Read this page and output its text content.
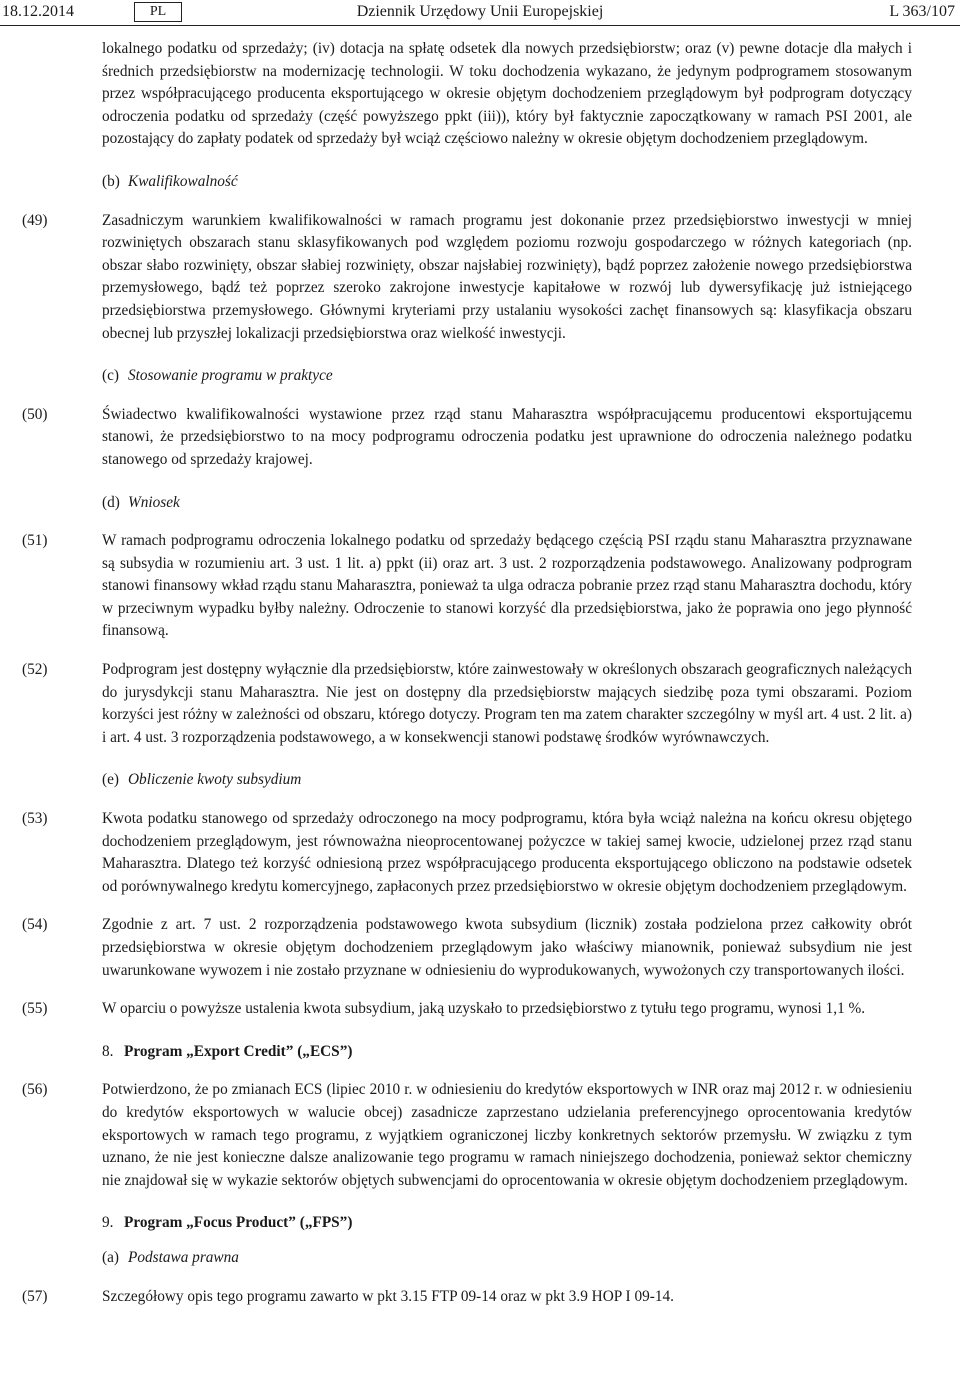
18.12.2014	PL	Dziennik Urzędowy Unii Europejskiej	L 363/107

lokalnego podatku od sprzedaży; (iv) dotacja na spłatę odsetek dla nowych przedsiębiorstw; oraz (v) pewne dotacje dla małych i średnich przedsiębiorstw na modernizację technologii. W toku dochodzenia wykazano, że jedynym podprogramem stosowanym przez współpracującego producenta eksportującego w okresie objętym dochodzeniem przeglądowym był podprogram dotyczący odroczenia podatku od sprzedaży (część powyższego ppkt (iii)), który był faktycznie zapoczątkowany w ramach PSI 2001, ale pozostający do zapłaty podatek od sprzedaży był wciąż częściowo należny w okresie objętym dochodzeniem przeglądowym.

(b) Kwalifikowalność
(49)	Zasadniczym warunkiem kwalifikowalności w ramach programu jest dokonanie przez przedsiębiorstwo inwestycji w mniej rozwiniętych obszarach stanu sklasyfikowanych pod względem poziomu rozwoju gospodarczego w różnych kategoriach (np. obszar słabo rozwinięty, obszar słabiej rozwinięty, obszar najsłabiej rozwinięty), bądź poprzez założenie nowego przedsiębiorstwa przemysłowego, bądź też poprzez szeroko zakrojone inwestycje kapitałowe w rozwój lub dywersyfikację już istniejącego przedsiębiorstwa przemysłowego. Głównymi kryteriami przy ustalaniu wysokości zachęt finansowych są: klasyfikacja obszaru obecnej lub przyszłej lokalizacji przedsiębiorstwa oraz wielkość inwestycji.
(c) Stosowanie programu w praktyce
(50)	Świadectwo kwalifikowalności wystawione przez rząd stanu Maharasztra współpracującemu producentowi eksportującemu stanowi, że przedsiębiorstwo to na mocy podprogramu odroczenia podatku jest uprawnione do odroczenia należnego podatku stanowego od sprzedaży krajowej.
(d) Wniosek
(51)	W ramach podprogramu odroczenia lokalnego podatku od sprzedaży będącego częścią PSI rządu stanu Maharasztra przyznawane są subsydia w rozumieniu art. 3 ust. 1 lit. a) ppkt (ii) oraz art. 3 ust. 2 rozporządzenia podstawowego. Analizowany podprogram stanowi finansowy wkład rządu stanu Maharasztra, ponieważ ta ulga odracza pobranie przez rząd stanu Maharasztra dochodu, który w przeciwnym wypadku byłby należny. Odroczenie to stanowi korzyść dla przedsiębiorstwa, jako że poprawia ono jego płynność finansową.
(52)	Podprogram jest dostępny wyłącznie dla przedsiębiorstw, które zainwestowały w określonych obszarach geograficznych należących do jurysdykcji stanu Maharasztra. Nie jest on dostępny dla przedsiębiorstw mających siedzibę poza tymi obszarami. Poziom korzyści jest różny w zależności od obszaru, którego dotyczy. Program ten ma zatem charakter szczególny w myśl art. 4 ust. 2 lit. a) i art. 4 ust. 3 rozporządzenia podstawowego, a w konsekwencji stanowi podstawę środków wyrównawczych.
(e) Obliczenie kwoty subsydium
(53)	Kwota podatku stanowego od sprzedaży odroczonego na mocy podprogramu, która była wciąż należna na końcu okresu objętego dochodzeniem przeglądowym, jest równoważna nieoprocentowanej pożyczce w takiej samej kwocie, udzielonej przez rząd stanu Maharasztra. Dlatego też korzyść odniesioną przez współpracującego producenta eksportującego obliczono na podstawie odsetek od porównywalnego kredytu komercyjnego, zapłaconych przez przedsiębiorstwo w okresie objętym dochodzeniem przeglądowym.
(54)	Zgodnie z art. 7 ust. 2 rozporządzenia podstawowego kwota subsydium (licznik) została podzielona przez całkowity obrót przedsiębiorstwa w okresie objętym dochodzeniem przeglądowym jako właściwy mianownik, ponieważ subsydium nie jest uwarunkowane wywozem i nie zostało przyznane w odniesieniu do wyprodukowanych, wywożonych czy transportowanych ilości.
(55)	W oparciu o powyższe ustalenia kwota subsydium, jaką uzyskało to przedsiębiorstwo z tytułu tego programu, wynosi 1,1 %.
8. Program „Export Credit” („ECS”)
(56)	Potwierdzono, że po zmianach ECS (lipiec 2010 r. w odniesieniu do kredytów eksportowych w INR oraz maj 2012 r. w odniesieniu do kredytów eksportowych w walucie obcej) zasadnicze zaprzestano udzielania preferencyjnego oprocentowania kredytów eksportowych w ramach tego programu, z wyjątkiem ograniczonej liczby konkretnych sektorów przemysłu. W związku z tym uznano, że nie jest konieczne dalsze analizowanie tego programu w ramach niniejszego dochodzenia, ponieważ sektor chemiczny nie znajdował się w wykazie sektorów objętych subwencjami do oprocentowania w okresie objętym dochodzeniem przeglądowym.
9. Program „Focus Product” („FPS”)
(a) Podstawa prawna
(57)	Szczegółowy opis tego programu zawarto w pkt 3.15 FTP 09-14 oraz w pkt 3.9 HOP I 09-14.
